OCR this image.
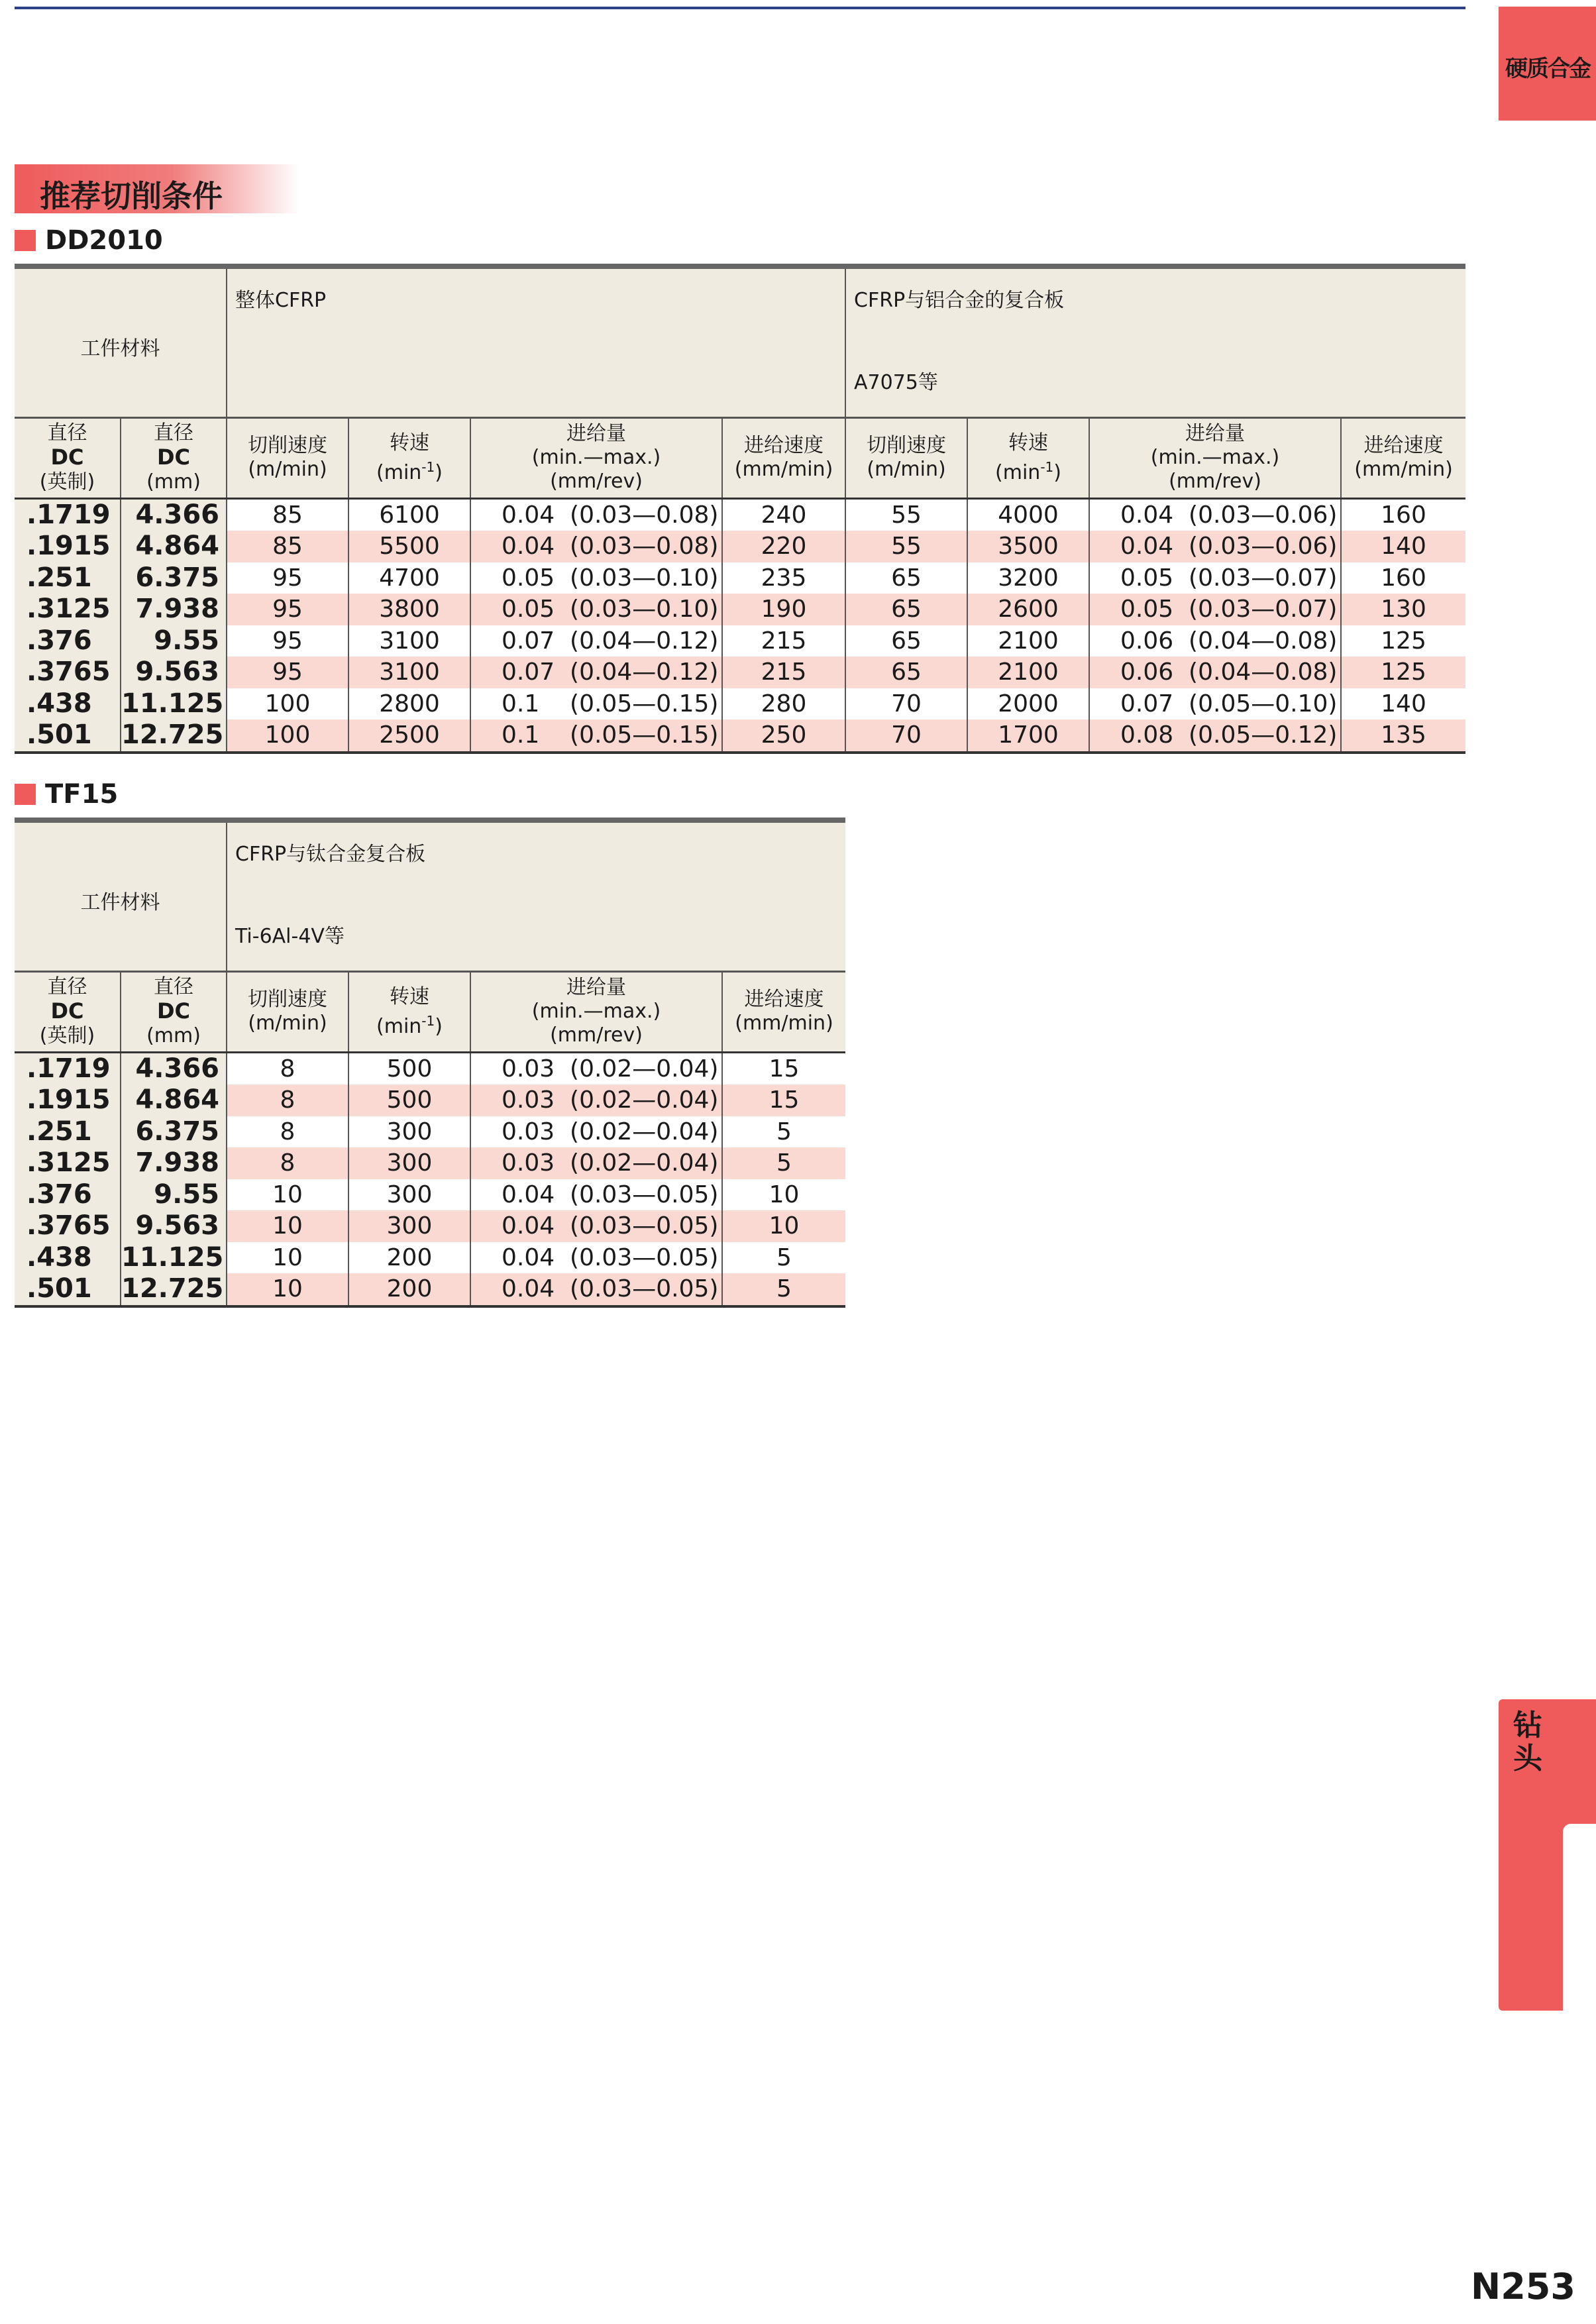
硬质合金
钻头
推荐切削条件
DD2010
工件材料		整体CFRP				CFRP与铝合金的复合板
A7075等			

直径
DC
(英制)	直径
DC
(mm)	切削速度
(m/min)	转速
$(\min^{-1})$	进给量
(min.—max.)
(mm/rev)	进给速度
(mm/min)	切削速度
(m/min)	转速
$(\min^{-1})$	进给量
(min.—max.)
(mm/rev)	进给速度
(mm/min)
.1719	4.366	85	6100	0.04  (0.03—0.08)	240	55	4000	0.04  (0.03—0.06)	160
.1915	4.864	85	5500	0.04  (0.03—0.08)	220	55	3500	0.04  (0.03—0.06)	140
.251	6.375	95	4700	0.05  (0.03—0.10)	235	65	3200	0.05  (0.03—0.07)	160
.3125	7.938	95	3800	0.05  (0.03—0.10)	190	65	2600	0.05  (0.03—0.07)	130
.376	9.55	95	3100	0.07  (0.04—0.12)	215	65	2100	0.06  (0.04—0.08)	125
.3765	9.563	95	3100	0.07  (0.04—0.12)	215	65	2100	0.06  (0.04—0.08)	125
.438	11.125	100	2800	0.1    (0.05—0.15)	280	70	2000	0.07  (0.05—0.10)	140
.501	12.725	100	2500	0.1    (0.05—0.15)	250	70	1700	0.08  (0.05—0.12)	135
TF15
工件材料		CFRP与钛合金复合板
Ti-6Al-4V等			

直径
DC
(英制)	直径
DC
(mm)	切削速度
(m/min)	转速
$(\min^{-1})$	进给量
(min.—max.)
(mm/rev)	进给速度
(mm/min)
.1719	4.366	8	500	0.03  (0.02—0.04)	15
.1915	4.864	8	500	0.03  (0.02—0.04)	15
.251	6.375	8	300	0.03  (0.02—0.04)	5
.3125	7.938	8	300	0.03  (0.02—0.04)	5
.376	9.55	10	300	0.04  (0.03—0.05)	10
.3765	9.563	10	300	0.04  (0.03—0.05)	10
.438	11.125	10	200	0.04  (0.03—0.05)	5
.501	12.725	10	200	0.04  (0.03—0.05)	5
N253
